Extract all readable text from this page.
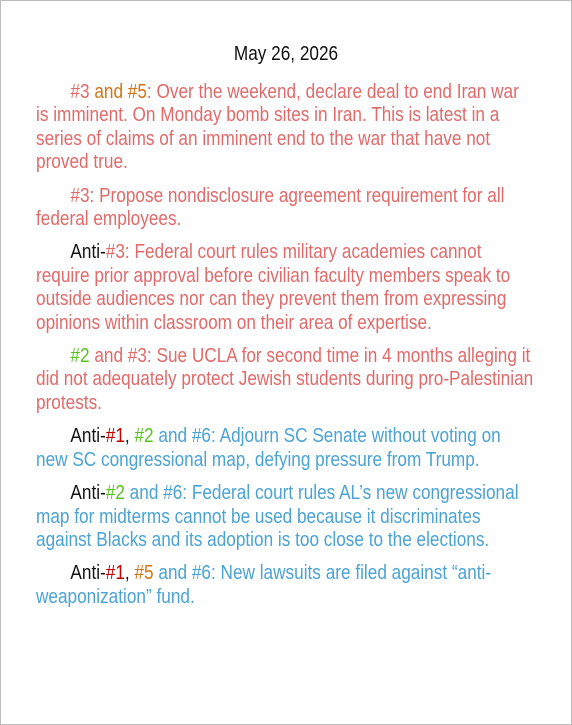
May 26, 2026

#3 and #5: Over the weekend, declare deal to end Iran war is imminent. On Monday bomb sites in Iran. This is latest in a series of claims of an imminent end to the war that have not proved true.

#3: Propose nondisclosure agreement requirement for all federal employees.

Anti-#3: Federal court rules military academies cannot require prior approval before civilian faculty members speak to outside audiences nor can they prevent them from expressing opinions within classroom on their area of expertise.

#2 and #3: Sue UCLA for second time in 4 months alleging it did not adequately protect Jewish students during pro-Palestinian protests.

Anti-#1, #2 and #6: Adjourn SC Senate without voting on new SC congressional map, defying pressure from Trump.

Anti-#2 and #6: Federal court rules AL’s new congressional map for midterms cannot be used because it discriminates against Blacks and its adoption is too close to the elections.

Anti-#1, #5 and #6: New lawsuits are filed against “anti-weaponization” fund.
